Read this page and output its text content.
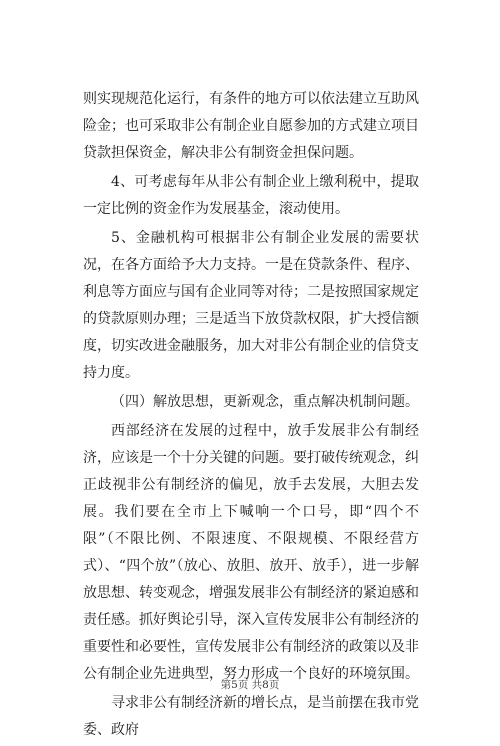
则实现规范化运行，有条件的地方可以依法建立互助风险金；也可采取非公有制企业自愿参加的方式建立项目贷款担保资金，解决非公有制资金担保问题。

4、可考虑每年从非公有制企业上缴利税中，提取一定比例的资金作为发展基金，滚动使用。

5、金融机构可根据非公有制企业发展的需要状况，在各方面给予大力支持。一是在贷款条件、程序、利息等方面应与国有企业同等对待；二是按照国家规定的贷款原则办理；三是适当下放贷款权限，扩大授信额度，切实改进金融服务，加大对非公有制企业的信贷支持力度。

（四）解放思想，更新观念，重点解决机制问题。

西部经济在发展的过程中，放手发展非公有制经济，应该是一个十分关键的问题。要打破传统观念，纠正歧视非公有制经济的偏见，放手去发展，大胆去发展。我们要在全市上下喊响一个口号，即“四个不限”（不限比例、不限速度、不限规模、不限经营方式）、“四个放”（放心、放胆、放开、放手），进一步解放思想、转变观念，增强发展非公有制经济的紧迫感和责任感。抓好舆论引导，深入宣传发展非公有制经济的重要性和必要性，宣传发展非公有制经济的政策以及非公有制企业先进典型，努力形成一个良好的环境氛围。

寻求非公有制经济新的增长点，是当前摆在我市党委、政府

第5页 共8页
